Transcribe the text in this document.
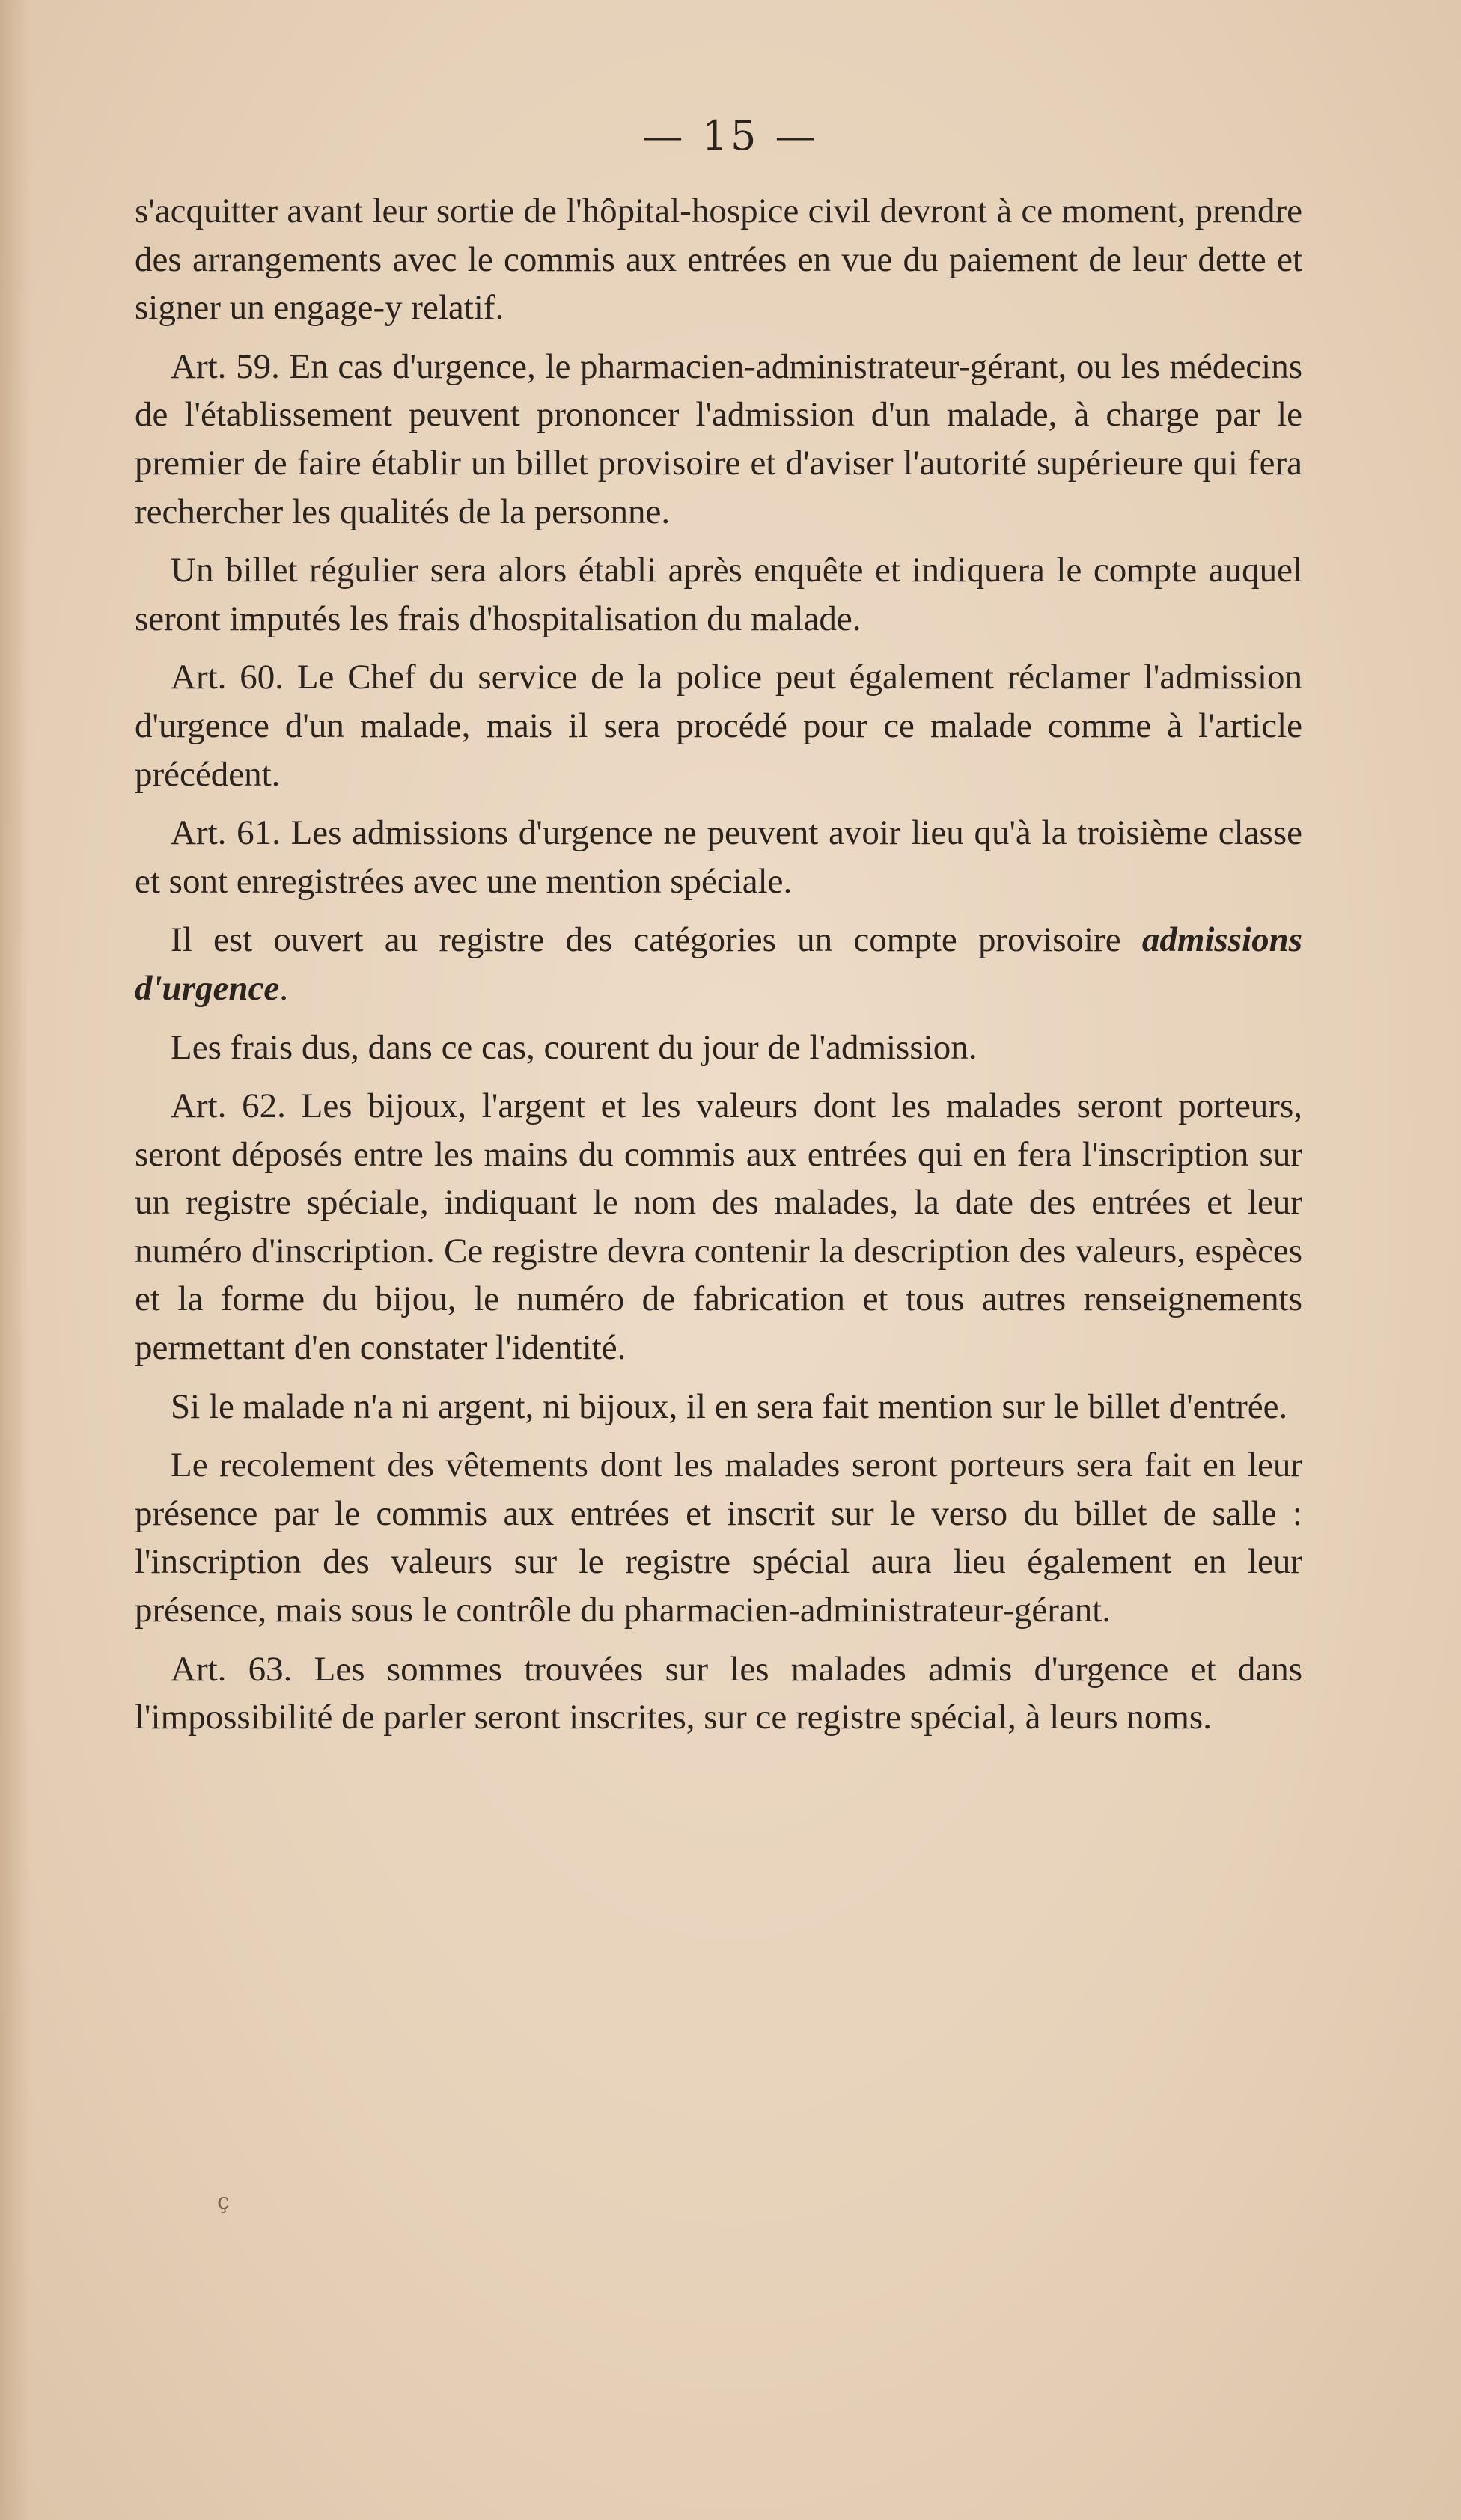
— 15 —

s'acquitter avant leur sortie de l'hôpital-hospice civil devront à ce moment, prendre des arrangements avec le commis aux entrées en vue du paiement de leur dette et signer un engage-y relatif.

Art. 59. En cas d'urgence, le pharmacien-administrateur-gérant, ou les médecins de l'établissement peuvent prononcer l'admission d'un malade, à charge par le premier de faire établir un billet provisoire et d'aviser l'autorité supérieure qui fera rechercher les qualités de la personne.

Un billet régulier sera alors établi après enquête et indiquera le compte auquel seront imputés les frais d'hospitalisation du malade.

Art. 60. Le Chef du service de la police peut également réclamer l'admission d'urgence d'un malade, mais il sera procédé pour ce malade comme à l'article précédent.

Art. 61. Les admissions d'urgence ne peuvent avoir lieu qu'à la troisième classe et sont enregistrées avec une mention spéciale.

Il est ouvert au registre des catégories un compte provisoire admissions d'urgence.

Les frais dus, dans ce cas, courent du jour de l'admission.

Art. 62. Les bijoux, l'argent et les valeurs dont les malades seront porteurs, seront déposés entre les mains du commis aux entrées qui en fera l'inscription sur un registre spéciale, indiquant le nom des malades, la date des entrées et leur numéro d'inscription. Ce registre devra contenir la description des valeurs, espèces et la forme du bijou, le numéro de fabrication et tous autres renseignements permettant d'en constater l'identité.

Si le malade n'a ni argent, ni bijoux, il en sera fait mention sur le billet d'entrée.

Le recolement des vêtements dont les malades seront porteurs sera fait en leur présence par le commis aux entrées et inscrit sur le verso du billet de salle : l'inscription des valeurs sur le registre spécial aura lieu également en leur présence, mais sous le contrôle du pharmacien-administrateur-gérant.

Art. 63. Les sommes trouvées sur les malades admis d'urgence et dans l'impossibilité de parler seront inscrites, sur ce registre spécial, à leurs noms.

ç
